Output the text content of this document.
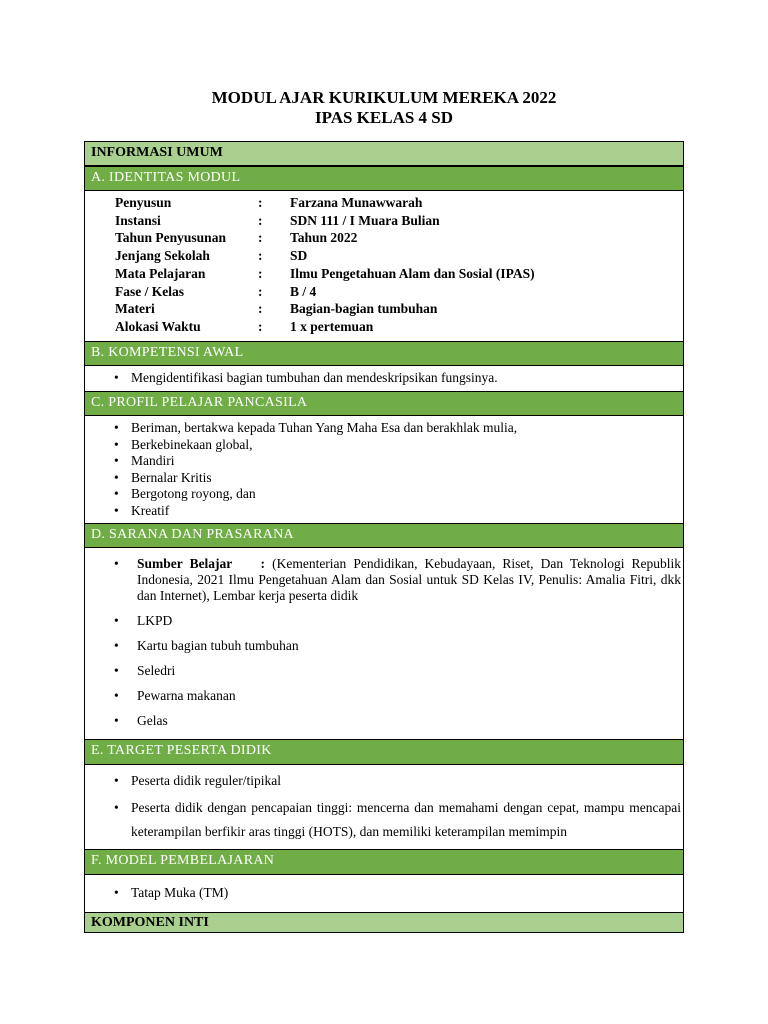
MODUL AJAR KURIKULUM MEREKA 2022
IPAS KELAS 4 SD
INFORMASI UMUM
A. IDENTITAS MODUL
Penyusun	: Farzana Munawwarah
Instansi	: SDN 111 / I Muara Bulian
Tahun Penyusunan	: Tahun 2022
Jenjang Sekolah	: SD
Mata Pelajaran	: Ilmu Pengetahuan Alam dan Sosial (IPAS)
Fase / Kelas	: B / 4
Materi	: Bagian-bagian tumbuhan
Alokasi Waktu	: 1 x pertemuan
B. KOMPETENSI AWAL
• Mengidentifikasi bagian tumbuhan dan mendeskripsikan fungsinya.
C. PROFIL PELAJAR PANCASILA
• Beriman, bertakwa kepada Tuhan Yang Maha Esa dan berakhlak mulia,
• Berkebinekaan global,
• Mandiri
• Bernalar Kritis
• Bergotong royong, dan
• Kreatif
D. SARANA DAN PRASARANA
• Sumber Belajar : (Kementerian Pendidikan, Kebudayaan, Riset, Dan Teknologi Republik Indonesia, 2021 Ilmu Pengetahuan Alam dan Sosial untuk SD Kelas IV, Penulis: Amalia Fitri, dkk dan Internet), Lembar kerja peserta didik
• LKPD
• Kartu bagian tubuh tumbuhan
• Seledri
• Pewarna makanan
• Gelas
E. TARGET PESERTA DIDIK
• Peserta didik reguler/tipikal
• Peserta didik dengan pencapaian tinggi: mencerna dan memahami dengan cepat, mampu mencapai keterampilan berfikir aras tinggi (HOTS), dan memiliki keterampilan memimpin
F. MODEL PEMBELAJARAN
• Tatap Muka (TM)
KOMPONEN INTI
